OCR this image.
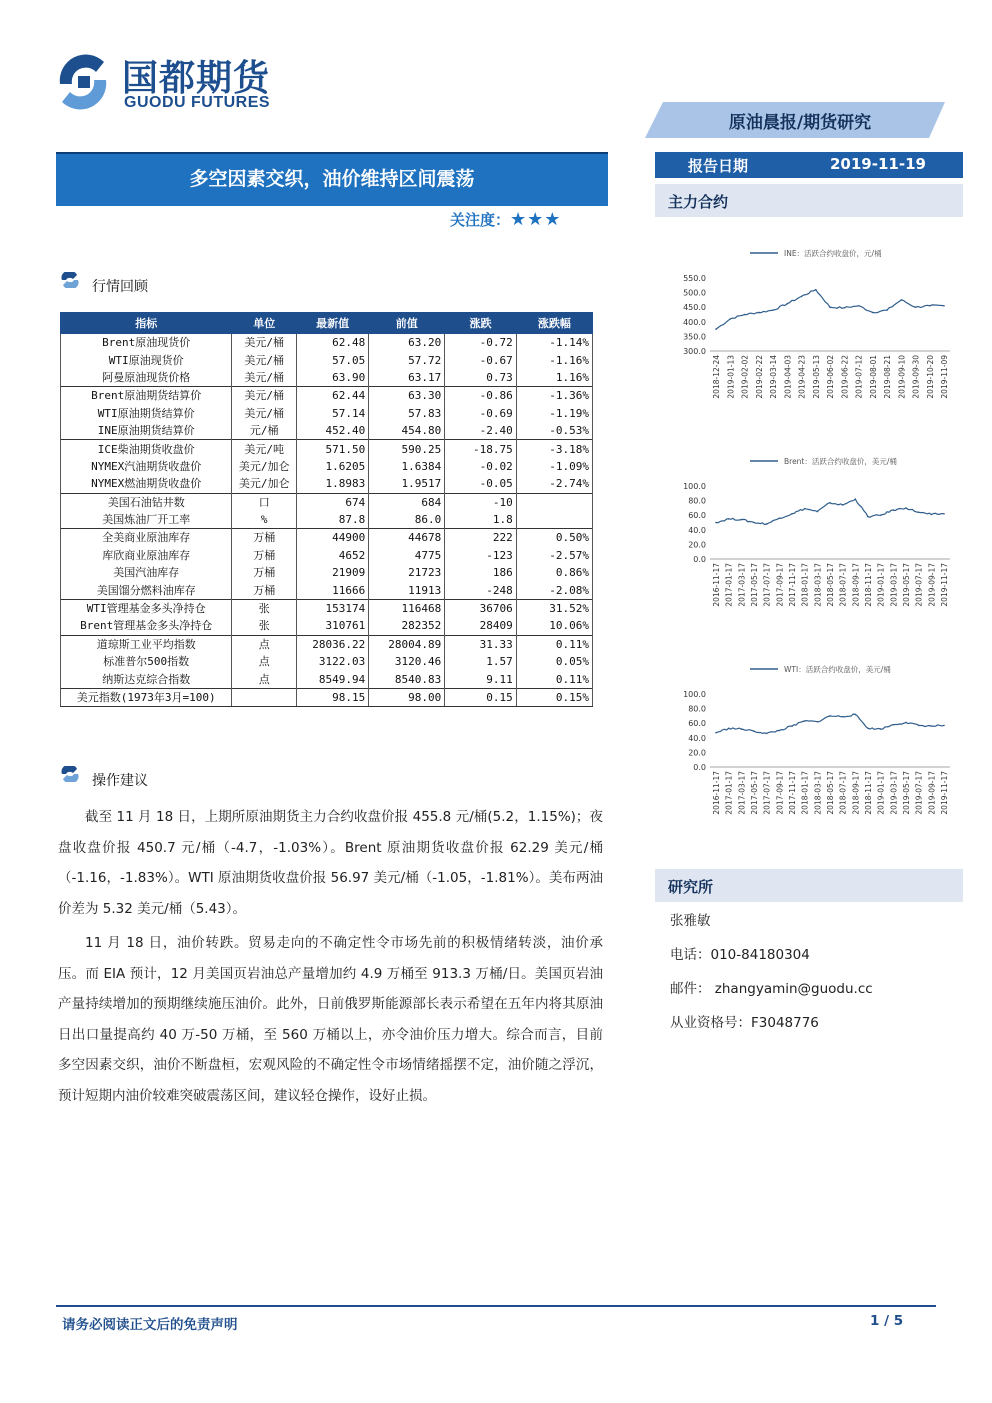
国都期货
GUODU FUTURES
原油晨报/期货研究
多空因素交织，油价维持区间震荡
关注度：★★★
报告日期	2019-11-19
主力合约
行情回顾
指标	单位	最新值	前值	涨跌	涨跌幅
Brent原油现货价	美元/桶	62.48	63.20	-0.72	-1.14%
WTI原油现货价	美元/桶	57.05	57.72	-0.67	-1.16%
阿曼原油现货价格	美元/桶	63.90	63.17	0.73	1.16%
Brent原油期货结算价	美元/桶	62.44	63.30	-0.86	-1.36%
WTI原油期货结算价	美元/桶	57.14	57.83	-0.69	-1.19%
INE原油期货结算价	元/桶	452.40	454.80	-2.40	-0.53%
ICE柴油期货收盘价	美元/吨	571.50	590.25	-18.75	-3.18%
NYMEX汽油期货收盘价	美元/加仑	1.6205	1.6384	-0.02	-1.09%
NYMEX燃油期货收盘价	美元/加仑	1.8983	1.9517	-0.05	-2.74%
美国石油钻井数	口	674	684	-10	
美国炼油厂开工率	%	87.8	86.0	1.8	
全美商业原油库存	万桶	44900	44678	222	0.50%
库欣商业原油库存	万桶	4652	4775	-123	-2.57%
美国汽油库存	万桶	21909	21723	186	0.86%
美国馏分燃料油库存	万桶	11666	11913	-248	-2.08%
WTI管理基金多头净持仓	张	153174	116468	36706	31.52%
Brent管理基金多头净持仓	张	310761	282352	28409	10.06%
道琼斯工业平均指数	点	28036.22	28004.89	31.33	0.11%
标准普尔500指数	点	3122.03	3120.46	1.57	0.05%
纳斯达克综合指数	点	8549.94	8540.83	9.11	0.11%
美元指数(1973年3月=100)		98.15	98.00	0.15	0.15%
操作建议
截至 11 月 18 日，上期所原油期货主力合约收盘价报 455.8 元/桶(5.2，1.15%)；夜盘收盘价报 450.7 元/桶（-4.7，-1.03%）。Brent 原油期货收盘价报 62.29 美元/桶（-1.16，-1.83%）。WTI 原油期货收盘价报 56.97 美元/桶（-1.05，-1.81%）。美布两油价差为 5.32 美元/桶（5.43）。
11 月 18 日，油价转跌。贸易走向的不确定性令市场先前的积极情绪转淡，油价承压。而 EIA 预计，12 月美国页岩油总产量增加约 4.9 万桶至 913.3 万桶/日。美国页岩油产量持续增加的预期继续施压油价。此外，日前俄罗斯能源部长表示希望在五年内将其原油日出口量提高约 40 万-50 万桶，至 560 万桶以上，亦令油价压力增大。综合而言，目前多空因素交织，油价不断盘桓，宏观风险的不确定性令市场情绪摇摆不定，油价随之浮沉，预计短期内油价较难突破震荡区间，建议轻仓操作，设好止损。
INE：活跃合约收盘价，元/桶
550.0
500.0
450.0
400.0
350.0
300.0
2018-12-24 2019-01-13 2019-02-02 2019-02-22 2019-03-14 2019-04-03 2019-04-23 2019-05-13 2019-06-02 2019-06-22 2019-07-12 2019-08-01 2019-08-21 2019-09-10 2019-09-30 2019-10-20 2019-11-09
Brent：活跃合约收盘价，美元/桶
100.0
80.0
60.0
40.0
20.0
0.0
2016-11-17 2017-01-17 2017-03-17 2017-05-17 2017-07-17 2017-09-17 2017-11-17 2018-01-17 2018-03-17 2018-05-17 2018-07-17 2018-09-17 2018-11-17 2019-01-17 2019-03-17 2019-05-17 2019-07-17 2019-09-17 2019-11-17
WTI：活跃合约收盘价，美元/桶
100.0
80.0
60.0
40.0
20.0
0.0
2016-11-17 2017-01-17 2017-03-17 2017-05-17 2017-07-17 2017-09-17 2017-11-17 2018-01-17 2018-03-17 2018-05-17 2018-07-17 2018-09-17 2018-11-17 2019-01-17 2019-03-17 2019-05-17 2019-07-17 2019-09-17 2019-11-17
研究所
张雅敏
电话：010-84180304
邮件： zhangyamin@guodu.cc
从业资格号：F3048776
请务必阅读正文后的免责声明	1 / 5
